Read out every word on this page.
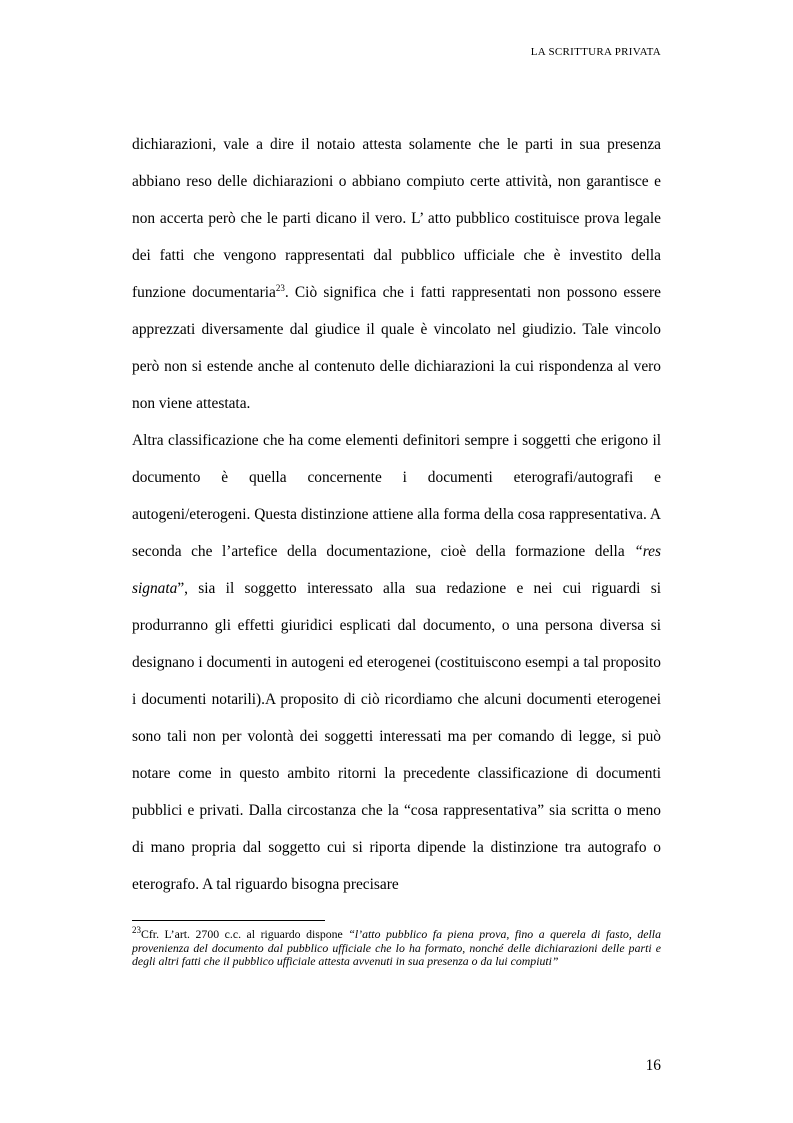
LA SCRITTURA PRIVATA

dichiarazioni, vale a dire il notaio attesta solamente che le parti in sua presenza abbiano reso delle dichiarazioni o abbiano compiuto certe attività, non garantisce e non accerta però che le parti dicano il vero. L’ atto pubblico costituisce prova legale dei fatti che vengono rappresentati dal pubblico ufficiale che è investito della funzione documentaria$^{23}$. Ciò significa che i fatti rappresentati non possono essere apprezzati diversamente dal giudice il quale è vincolato nel giudizio. Tale vincolo però non si estende anche al contenuto delle dichiarazioni la cui rispondenza al vero non viene attestata.

Altra classificazione che ha come elementi definitori sempre i soggetti che erigono il documento è quella concernente i documenti eterografi/autografi e autogeni/eterogeni. Questa distinzione attiene alla forma della cosa rappresentativa. A seconda che l’artefice della documentazione, cioè della formazione della “res signata”, sia il soggetto interessato alla sua redazione e nei cui riguardi si produrranno gli effetti giuridici esplicati dal documento, o una persona diversa si designano i documenti in autogeni ed eterogenei (costituiscono esempi a tal proposito i documenti notarili).A proposito di ciò ricordiamo che alcuni documenti eterogenei sono tali non per volontà dei soggetti interessati ma per comando di legge, si può notare come in questo ambito ritorni la precedente classificazione di documenti pubblici e privati. Dalla circostanza che la “cosa rappresentativa” sia scritta o meno di mano propria dal soggetto cui si riporta dipende la distinzione tra autografo o eterografo. A tal riguardo bisogna precisare

$^{23}$Cfr. L’art. 2700 c.c. al riguardo dispone “l’atto pubblico fa piena prova, fino a querela di fasto, della provenienza del documento dal pubblico ufficiale che lo ha formato, nonché delle dichiarazioni delle parti e degli altri fatti che il pubblico ufficiale attesta avvenuti in sua presenza o da lui compiuti”

16
